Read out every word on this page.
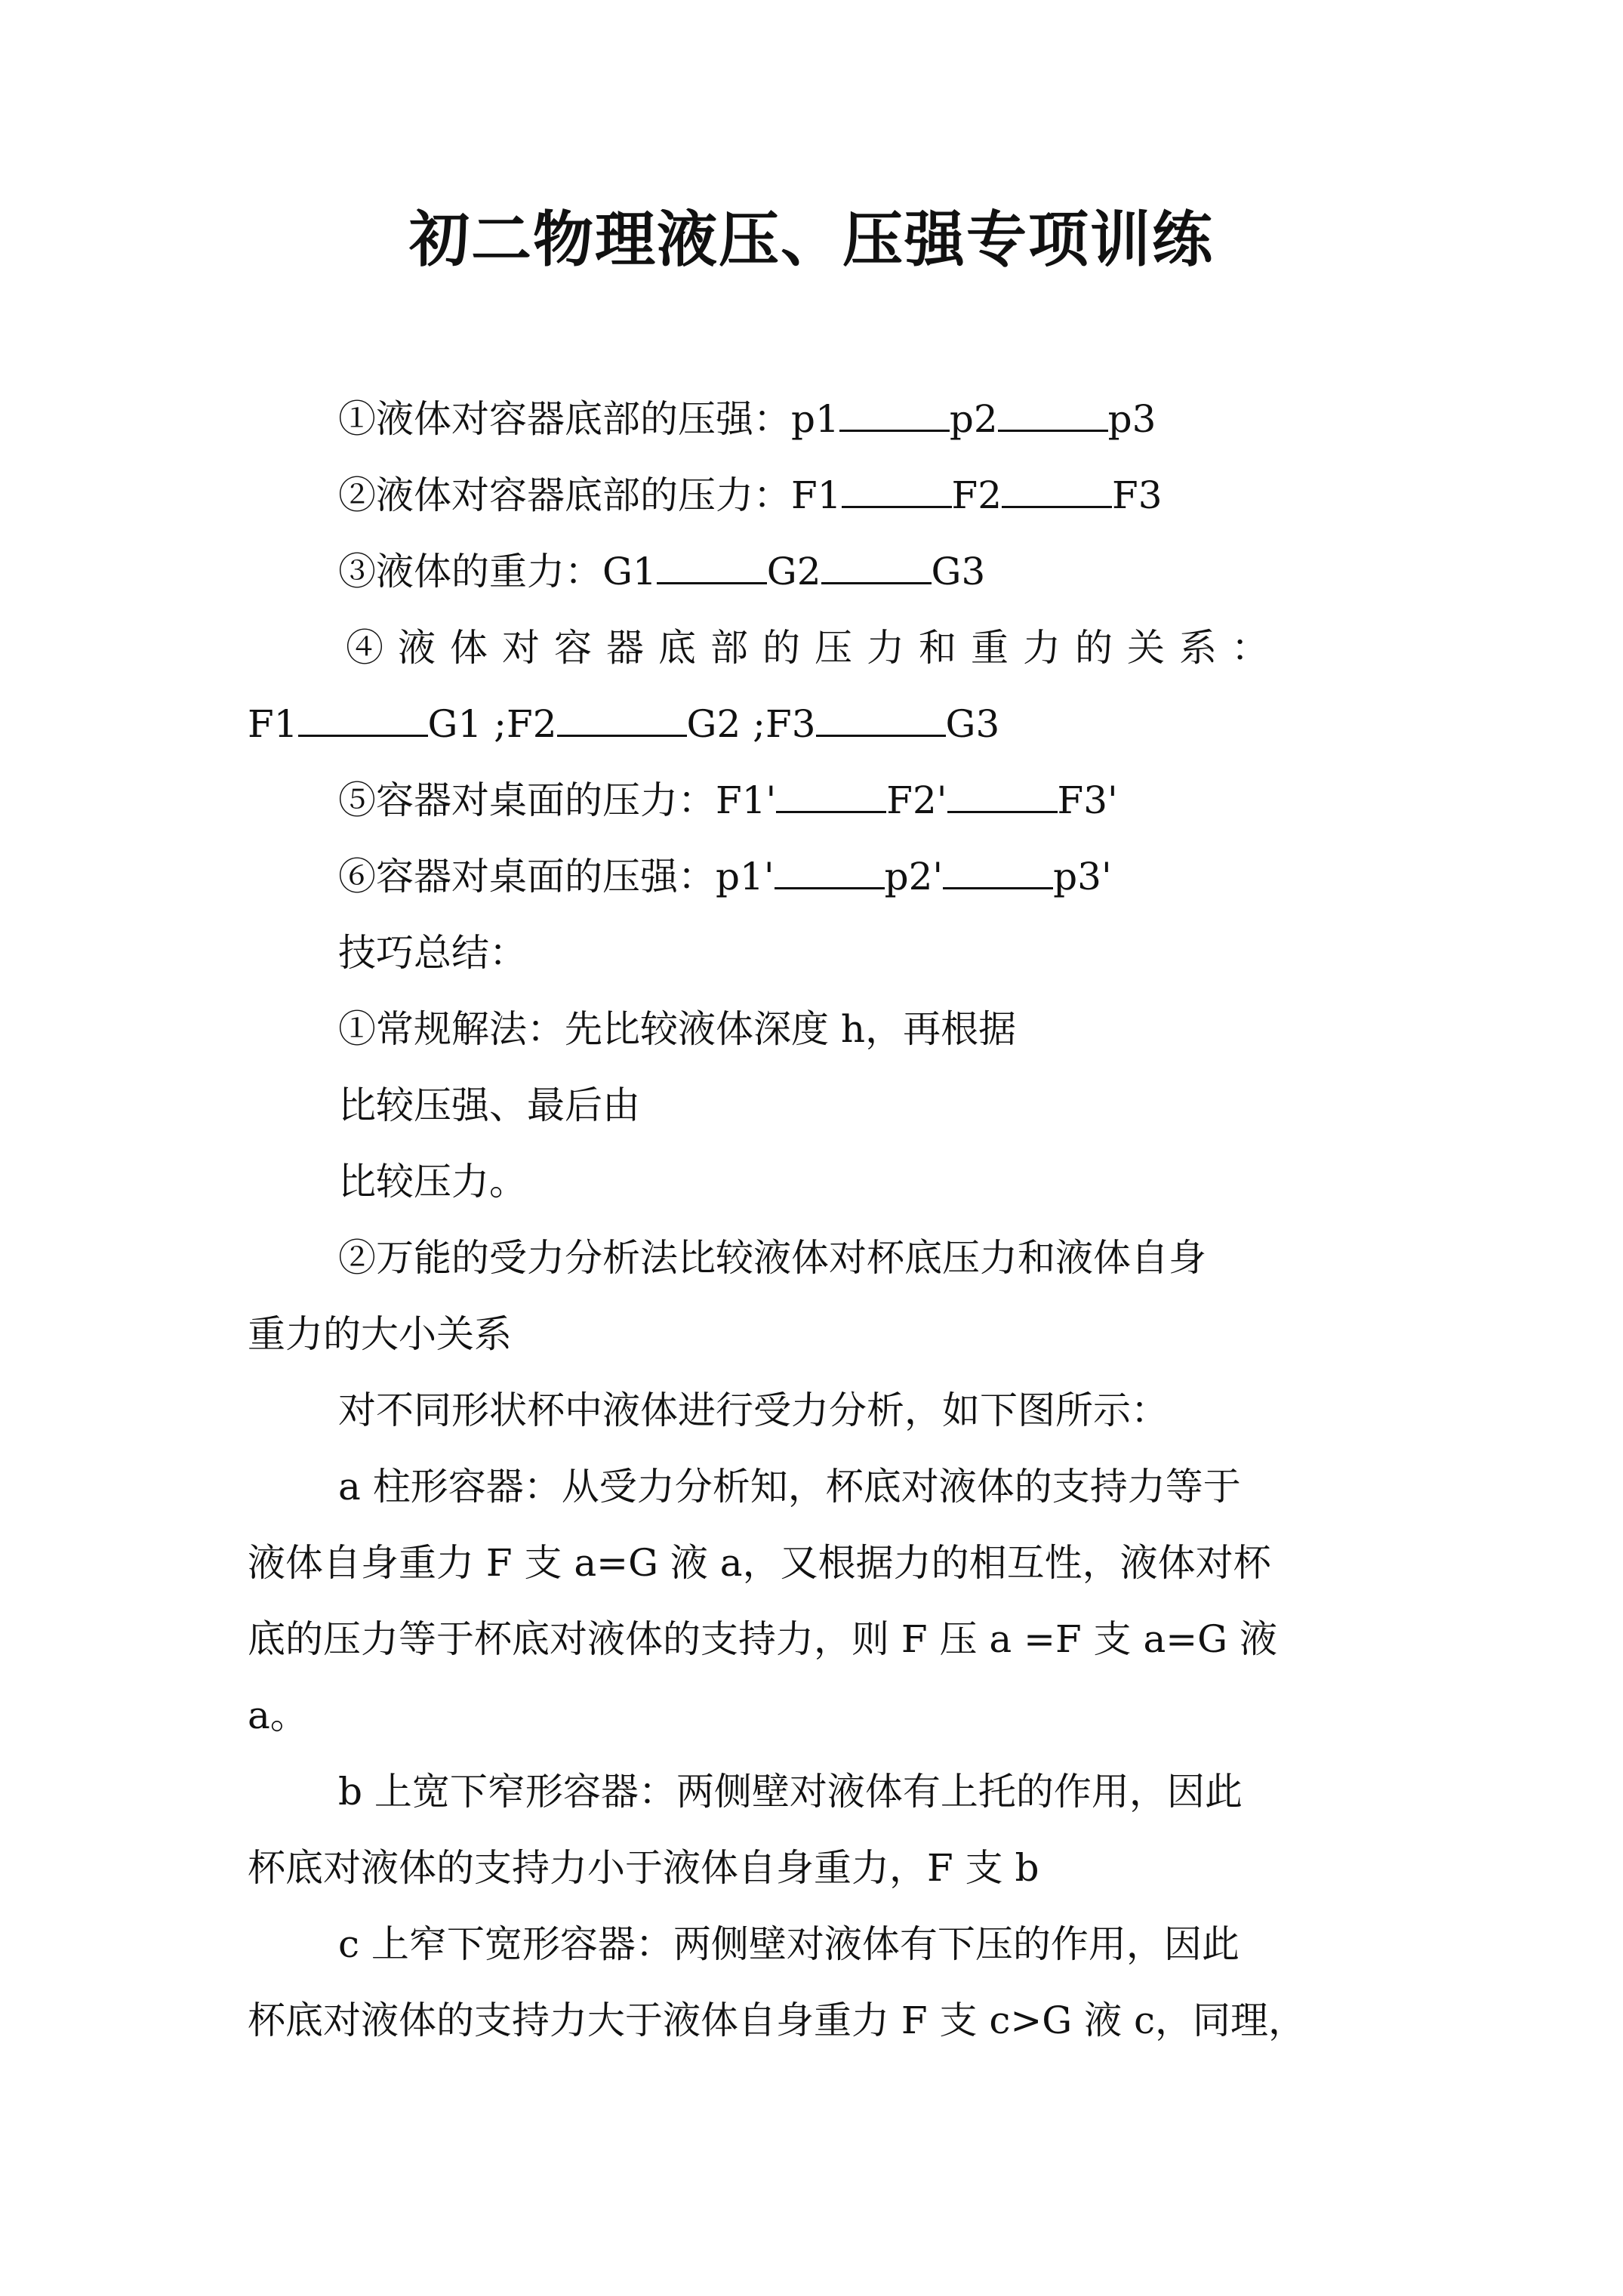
初二物理液压、压强专项训练
①液体对容器底部的压强：p1	p2	p3
②液体对容器底部的压力：F1	F2	F3
③液体的重力：G1	G2	G3
④液体对容器底部的压力和重力的关系：
F1	G1 ;F2	G2 ;F3	G3
⑤容器对桌面的压力：F1'	F2'	F3'
⑥容器对桌面的压强：p1'	p2'	p3'
技巧总结：
①常规解法：先比较液体深度 h，再根据
比较压强、最后由
比较压力。
②万能的受力分析法比较液体对杯底压力和液体自身
重力的大小关系
对不同形状杯中液体进行受力分析，如下图所示：
a 柱形容器：从受力分析知，杯底对液体的支持力等于
液体自身重力 F 支 a=G 液 a，又根据力的相互性，液体对杯
底的压力等于杯底对液体的支持力，则 F 压 a =F 支 a=G 液
a。
b 上宽下窄形容器：两侧壁对液体有上托的作用，因此
杯底对液体的支持力小于液体自身重力，F 支 b
c 上窄下宽形容器：两侧壁对液体有下压的作用，因此
杯底对液体的支持力大于液体自身重力 F 支 c>G 液 c，同理，
